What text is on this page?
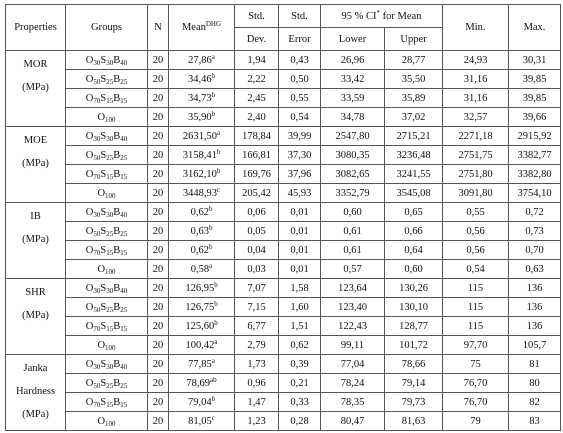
Properties	Groups	N	Mean$^{DHG}$	Std.	Std.	95 % CI* for Mean		Min.	Max.
				Dev.	Error	Lower	Upper		

MOR
(MPa)	$O_{30}S_{30}B_{40}$	20	27,86$^a$	1,94	0,43	26,96	28,77	24,93	30,31
	$O_{50}S_{25}B_{25}$	20	34,46$^b$	2,22	0,50	33,42	35,50	31,16	39,85
	$O_{70}S_{15}B_{15}$	20	34,73$^b$	2,45	0,55	33,59	35,89	31,16	39,85
	$O_{100}$	20	35,90$^b$	2,40	0,54	34,78	37,02	32,57	39,66

MOE
(MPa)	$O_{30}S_{30}B_{40}$	20	2631,50$^a$	178,84	39,99	2547,80	2715,21	2271,18	2915,92
	$O_{50}S_{25}B_{25}$	20	3158,41$^b$	166,81	37,30	3080,35	3236,48	2751,75	3382,77
	$O_{70}S_{15}B_{15}$	20	3162,10$^b$	169,76	37,96	3082,65	3241,55	2751,80	3382,80
	$O_{100}$	20	3448,93$^c$	205,42	45,93	3352,79	3545,08	3091,80	3754,10

IB
(MPa)	$O_{30}S_{30}B_{40}$	20	0,62$^b$	0,06	0,01	0,60	0,65	0,55	0,72
	$O_{50}S_{25}B_{25}$	20	0,63$^b$	0,05	0,01	0,61	0,66	0,56	0,73
	$O_{70}S_{15}B_{15}$	20	0,62$^b$	0,04	0,01	0,61	0,64	0,56	0,70
	$O_{100}$	20	0,58$^a$	0,03	0,01	0,57	0,60	0,54	0,63

SHR
(MPa)	$O_{30}S_{30}B_{40}$	20	126,95$^b$	7,07	1,58	123,64	130,26	115	136
	$O_{50}S_{25}B_{25}$	20	126,75$^b$	7,15	1,60	123,40	130,10	115	136
	$O_{70}S_{15}B_{15}$	20	125,60$^b$	6,77	1,51	122,43	128,77	115	136
	$O_{100}$	20	100,42$^a$	2,79	0,62	99,11	101,72	97,70	105,7

Janka
Hardness
(MPa)	$O_{30}S_{30}B_{40}$	20	77,85$^a$	1,73	0,39	77,04	78,66	75	81
	$O_{50}S_{25}B_{25}$	20	78,69$^{ab}$	0,96	0,21	78,24	79,14	76,70	80
	$O_{70}S_{15}B_{15}$	20	79,04$^b$	1,47	0,33	78,35	79,73	76,70	82
	$O_{100}$	20	81,05$^c$	1,23	0,28	80,47	81,63	79	83
